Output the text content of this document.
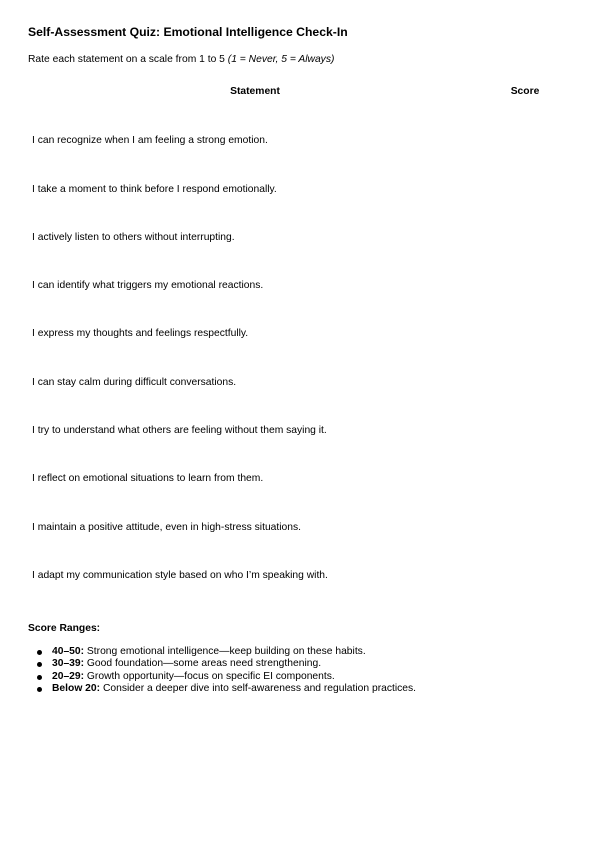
Self-Assessment Quiz: Emotional Intelligence Check-In
Rate each statement on a scale from 1 to 5 (1 = Never, 5 = Always)
Statement	Score
I can recognize when I am feeling a strong emotion.	
I take a moment to think before I respond emotionally.	
I actively listen to others without interrupting.	
I can identify what triggers my emotional reactions.	
I express my thoughts and feelings respectfully.	
I can stay calm during difficult conversations.	
I try to understand what others are feeling without them saying it.	
I reflect on emotional situations to learn from them.	
I maintain a positive attitude, even in high-stress situations.	
I adapt my communication style based on who I’m speaking with.	
Score Ranges:
40–50: Strong emotional intelligence—keep building on these habits.
30–39: Good foundation—some areas need strengthening.
20–29: Growth opportunity—focus on specific EI components.
Below 20: Consider a deeper dive into self-awareness and regulation practices.
